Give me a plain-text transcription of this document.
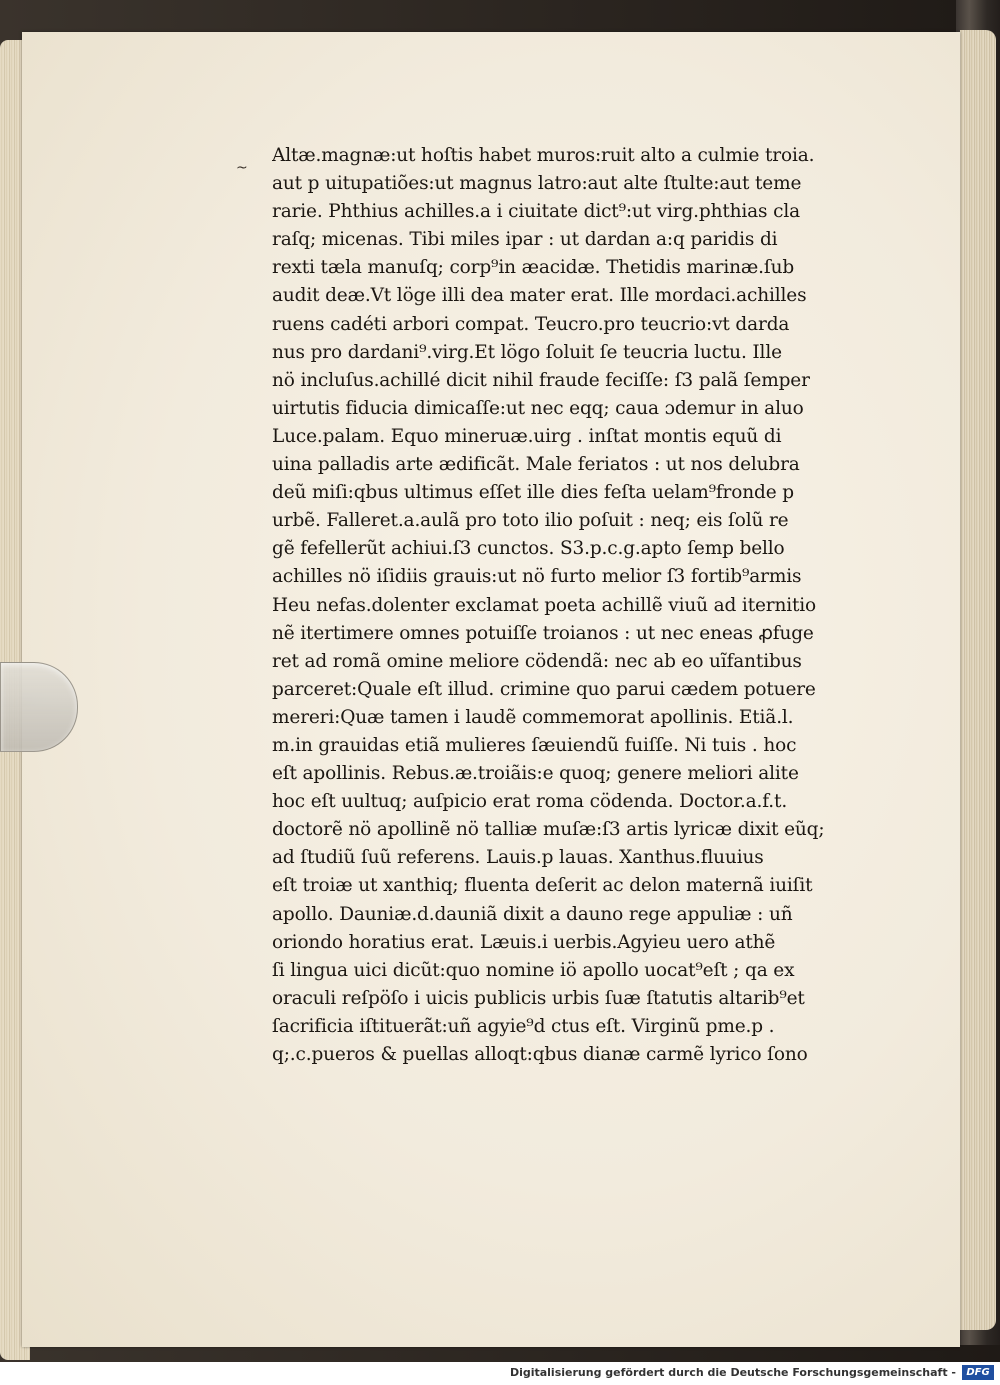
~
Altæ.magnæ:ut hoſtis habet muros:ruit alto a culmie troia.
aut p uitupatiões:ut magnus latro:aut alte ſtulte:aut teme
rarie. Phthius achilles.a i ciuitate dict⁹:ut virg.phthias cla
raſq; micenas. Tibi miles ipar : ut dardan a:q paridis di
rexti tæla manuſq; corp⁹in æacidæ. Thetidis marinæ.ſub
audit deæ.Vt löge illi dea mater erat. Ille mordaci.achilles
ruens cadéti arbori compat. Teucro.pro teucrio:vt darda
nus pro dardani⁹.virg.Et lögo ſoluit ſe teucria luctu. Ille
nö incluſus.achillé dicit nihil fraude feciſſe: ſ3 palã ſemper
uirtutis fiducia dimicaſſe:ut nec eqq; caua ɔdemur in aluo
Luce.palam. Equo mineruæ.uirg . inſtat montis equũ di
uina palladis arte ædificãt. Male feriatos : ut nos delubra
deũ miſi:qbus ultimus eſſet ille dies feſta uelam⁹fronde p
urbẽ. Falleret.a.aulã pro toto ilio poſuit : neq; eis ſolũ re
gẽ fefellerũt achiui.ſ3 cunctos. S3.p.c.g.apto ſemp bello
achilles nö iſidiis grauis:ut nö furto melior ſ3 fortib⁹armis
Heu nefas.dolenter exclamat poeta achillẽ viuũ ad iternitio
nẽ itertimere omnes potuiſſe troianos : ut nec eneas ꝓfuge
ret ad romã omine meliore cödendã: nec ab eo uĩfantibus
parceret:Quale eſt illud. crimine quo parui cædem potuere
mereri:Quæ tamen i laudẽ commemorat apollinis. Etiã.l.
m.in grauidas etiã mulieres ſæuiendũ fuiſſe. Ni tuis . hoc
eſt apollinis. Rebus.æ.troiãis:e quoq; genere meliori alite
hoc eſt uultuq; auſpicio erat roma cödenda. Doctor.a.f.t.
doctorẽ nö apollinẽ nö talliæ muſæ:ſ3 artis lyricæ dixit eũq;
ad ſtudiũ ſuũ referens. Lauis.p lauas. Xanthus.fluuius
eſt troiæ ut xanthiq; fluenta deſerit ac delon maternã iuiſit
apollo. Dauniæ.d.dauniã dixit a dauno rege appuliæ : uñ
oriondo horatius erat. Læuis.i uerbis.Agyieu uero athẽ
ſi lingua uici dicũt:quo nomine iö apollo uocat⁹eſt ; qa ex
oraculi reſpöſo i uicis publicis urbis ſuæ ſtatutis altarib⁹et
ſacrificia iſtituerãt:uñ agyie⁹d ctus eſt. Virginũ pme.p .
q;.c.pueros & puellas alloqt:qbus dianæ carmẽ lyrico ſono
Digitalisierung gefördert durch die Deutsche Forschungsgemeinschaft -	DFG
